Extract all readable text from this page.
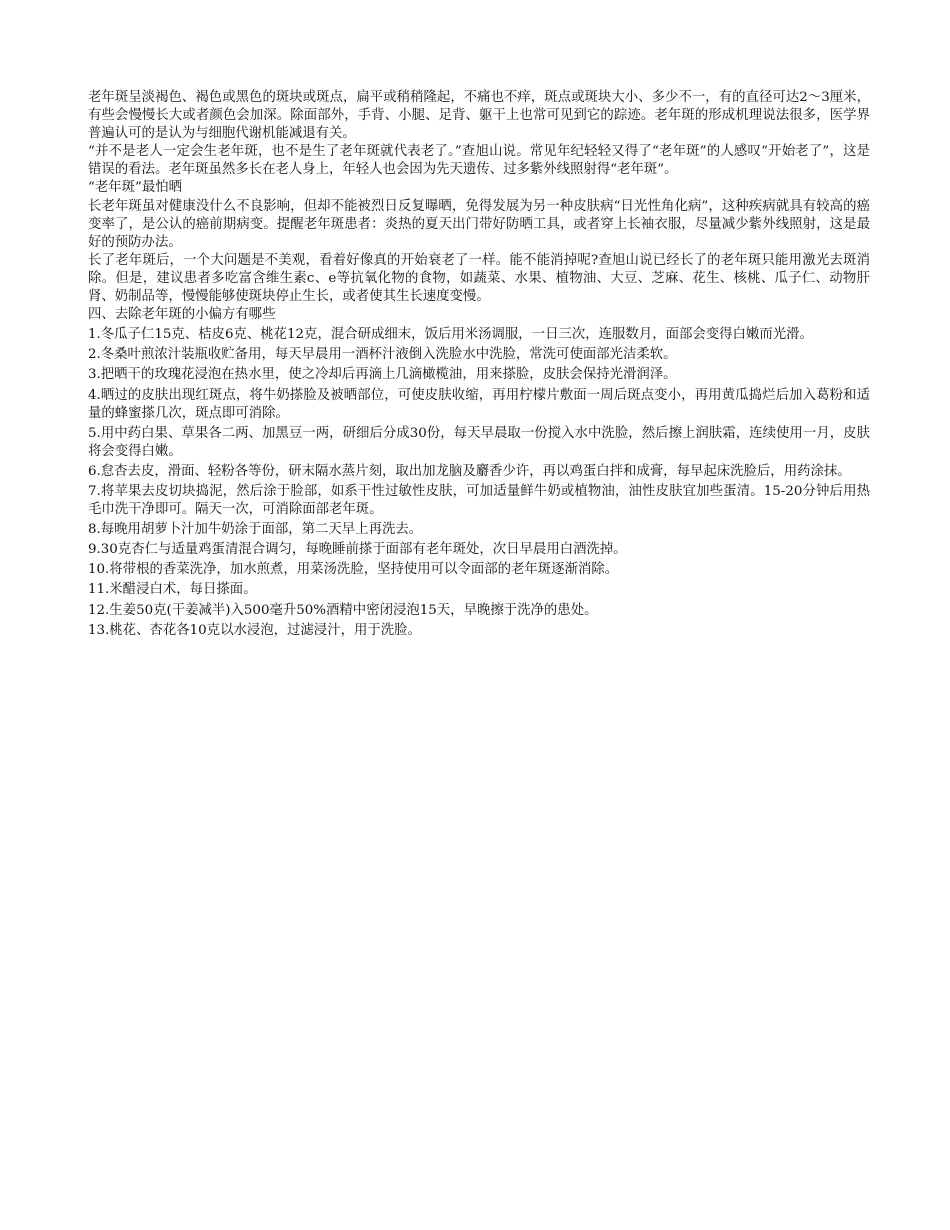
老年斑呈淡褐色、褐色或黑色的斑块或斑点，扁平或稍稍隆起，不痛也不痒，斑点或斑块大小、多少不一，有的直径可达2～3厘米，有些会慢慢长大或者颜色会加深。除面部外，手背、小腿、足背、躯干上也常可见到它的踪迹。老年斑的形成机理说法很多，医学界普遍认可的是认为与细胞代谢机能减退有关。

“并不是老人一定会生老年斑，也不是生了老年斑就代表老了。”查旭山说。常见年纪轻轻又得了“老年斑”的人感叹“开始老了”，这是错误的看法。老年斑虽然多长在老人身上，年轻人也会因为先天遗传、过多紫外线照射得“老年斑”。

“老年斑”最怕晒

长老年斑虽对健康没什么不良影响，但却不能被烈日反复曝晒，免得发展为另一种皮肤病“日光性角化病”，这种疾病就具有较高的癌变率了，是公认的癌前期病变。提醒老年斑患者：炎热的夏天出门带好防晒工具，或者穿上长袖衣服，尽量减少紫外线照射，这是最好的预防办法。

长了老年斑后，一个大问题是不美观，看着好像真的开始衰老了一样。能不能消掉呢?查旭山说已经长了的老年斑只能用激光去斑消除。但是，建议患者多吃富含维生素c、e等抗氧化物的食物，如蔬菜、水果、植物油、大豆、芝麻、花生、核桃、瓜子仁、动物肝肾、奶制品等，慢慢能够使斑块停止生长，或者使其生长速度变慢。

四、去除老年斑的小偏方有哪些

1.冬瓜子仁15克、桔皮6克、桃花12克，混合研成细末，饭后用米汤调服，一日三次，连服数月，面部会变得白嫩而光滑。

2.冬桑叶煎浓汁装瓶收贮备用，每天早晨用一酒杯汁液倒入洗脸水中洗脸，常洗可使面部光洁柔软。

3.把晒干的玫瑰花浸泡在热水里，使之冷却后再滴上几滴橄榄油，用来搽脸，皮肤会保持光滑润泽。

4.晒过的皮肤出现红斑点，将牛奶搽脸及被晒部位，可使皮肤收缩，再用柠檬片敷面一周后斑点变小，再用黄瓜捣烂后加入葛粉和适量的蜂蜜搽几次，斑点即可消除。

5.用中药白果、草果各二两、加黑豆一两，研细后分成30份，每天早晨取一份搅入水中洗脸，然后擦上润肤霜，连续使用一月，皮肤将会变得白嫩。

6.怠杏去皮，滑面、轻粉各等份，研末隔水蒸片刻，取出加龙脑及麝香少许，再以鸡蛋白拌和成膏，每早起床洗脸后，用药涂抹。

7.将苹果去皮切块捣泥，然后涂于脸部，如系干性过敏性皮肤，可加适量鲜牛奶或植物油，油性皮肤宜加些蛋清。15-20分钟后用热毛巾洗干净即可。隔天一次，可消除面部老年斑。

8.每晚用胡萝卜汁加牛奶涂于面部，第二天早上再洗去。

9.30克杏仁与适量鸡蛋清混合调匀，每晚睡前搽于面部有老年斑处，次日早晨用白酒洗掉。

10.将带根的香菜洗净，加水煎煮，用菜汤洗脸，坚持使用可以令面部的老年斑逐渐消除。

11.米醋浸白术，每日搽面。

12.生姜50克(干姜减半)入500毫升50%酒精中密闭浸泡15天，早晚擦于洗净的患处。

13.桃花、杏花各10克以水浸泡，过滤浸汁，用于洗脸。
